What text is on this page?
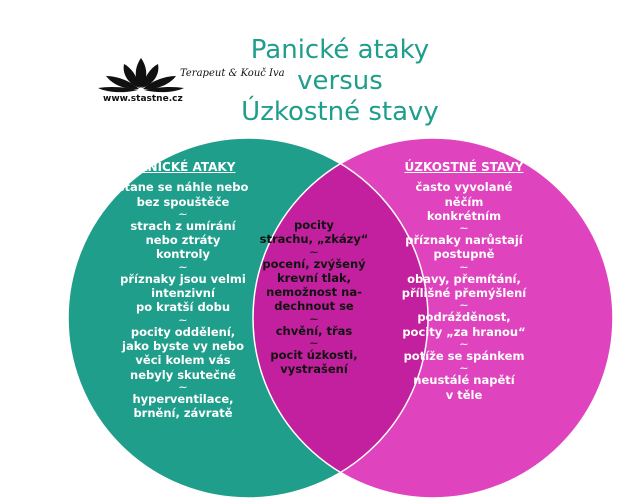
Panické ataky
versus
Úzkostné stavy
Terapeut & Kouč Iva
www.stastne.cz
PANICKÉ ATAKY
stane se náhle nebo
bez spouštěče
~
strach z umírání
nebo ztráty
kontroly
~
příznaky jsou velmi
intenzivní
po kratší dobu
~
pocity oddělení,
jako byste vy nebo
věci kolem vás
nebyly skutečné
~
hyperventilace,
brnění, závratě
pocity
strachu, „zkázy“
~
pocení, zvýšený
krevní tlak,
nemožnost na-
dechnout se
~
chvění, třas
~
pocit úzkosti,
vystrašení
ÚZKOSTNÉ STAVY
často vyvolané
něčím
konkrétním
~
příznaky narůstají
postupně
~
obavy, přemítání,
přílišné přemýšlení
~
podrážděnost,
pocity „za hranou“
~
potíže se spánkem
~
neustálé napětí
v těle
